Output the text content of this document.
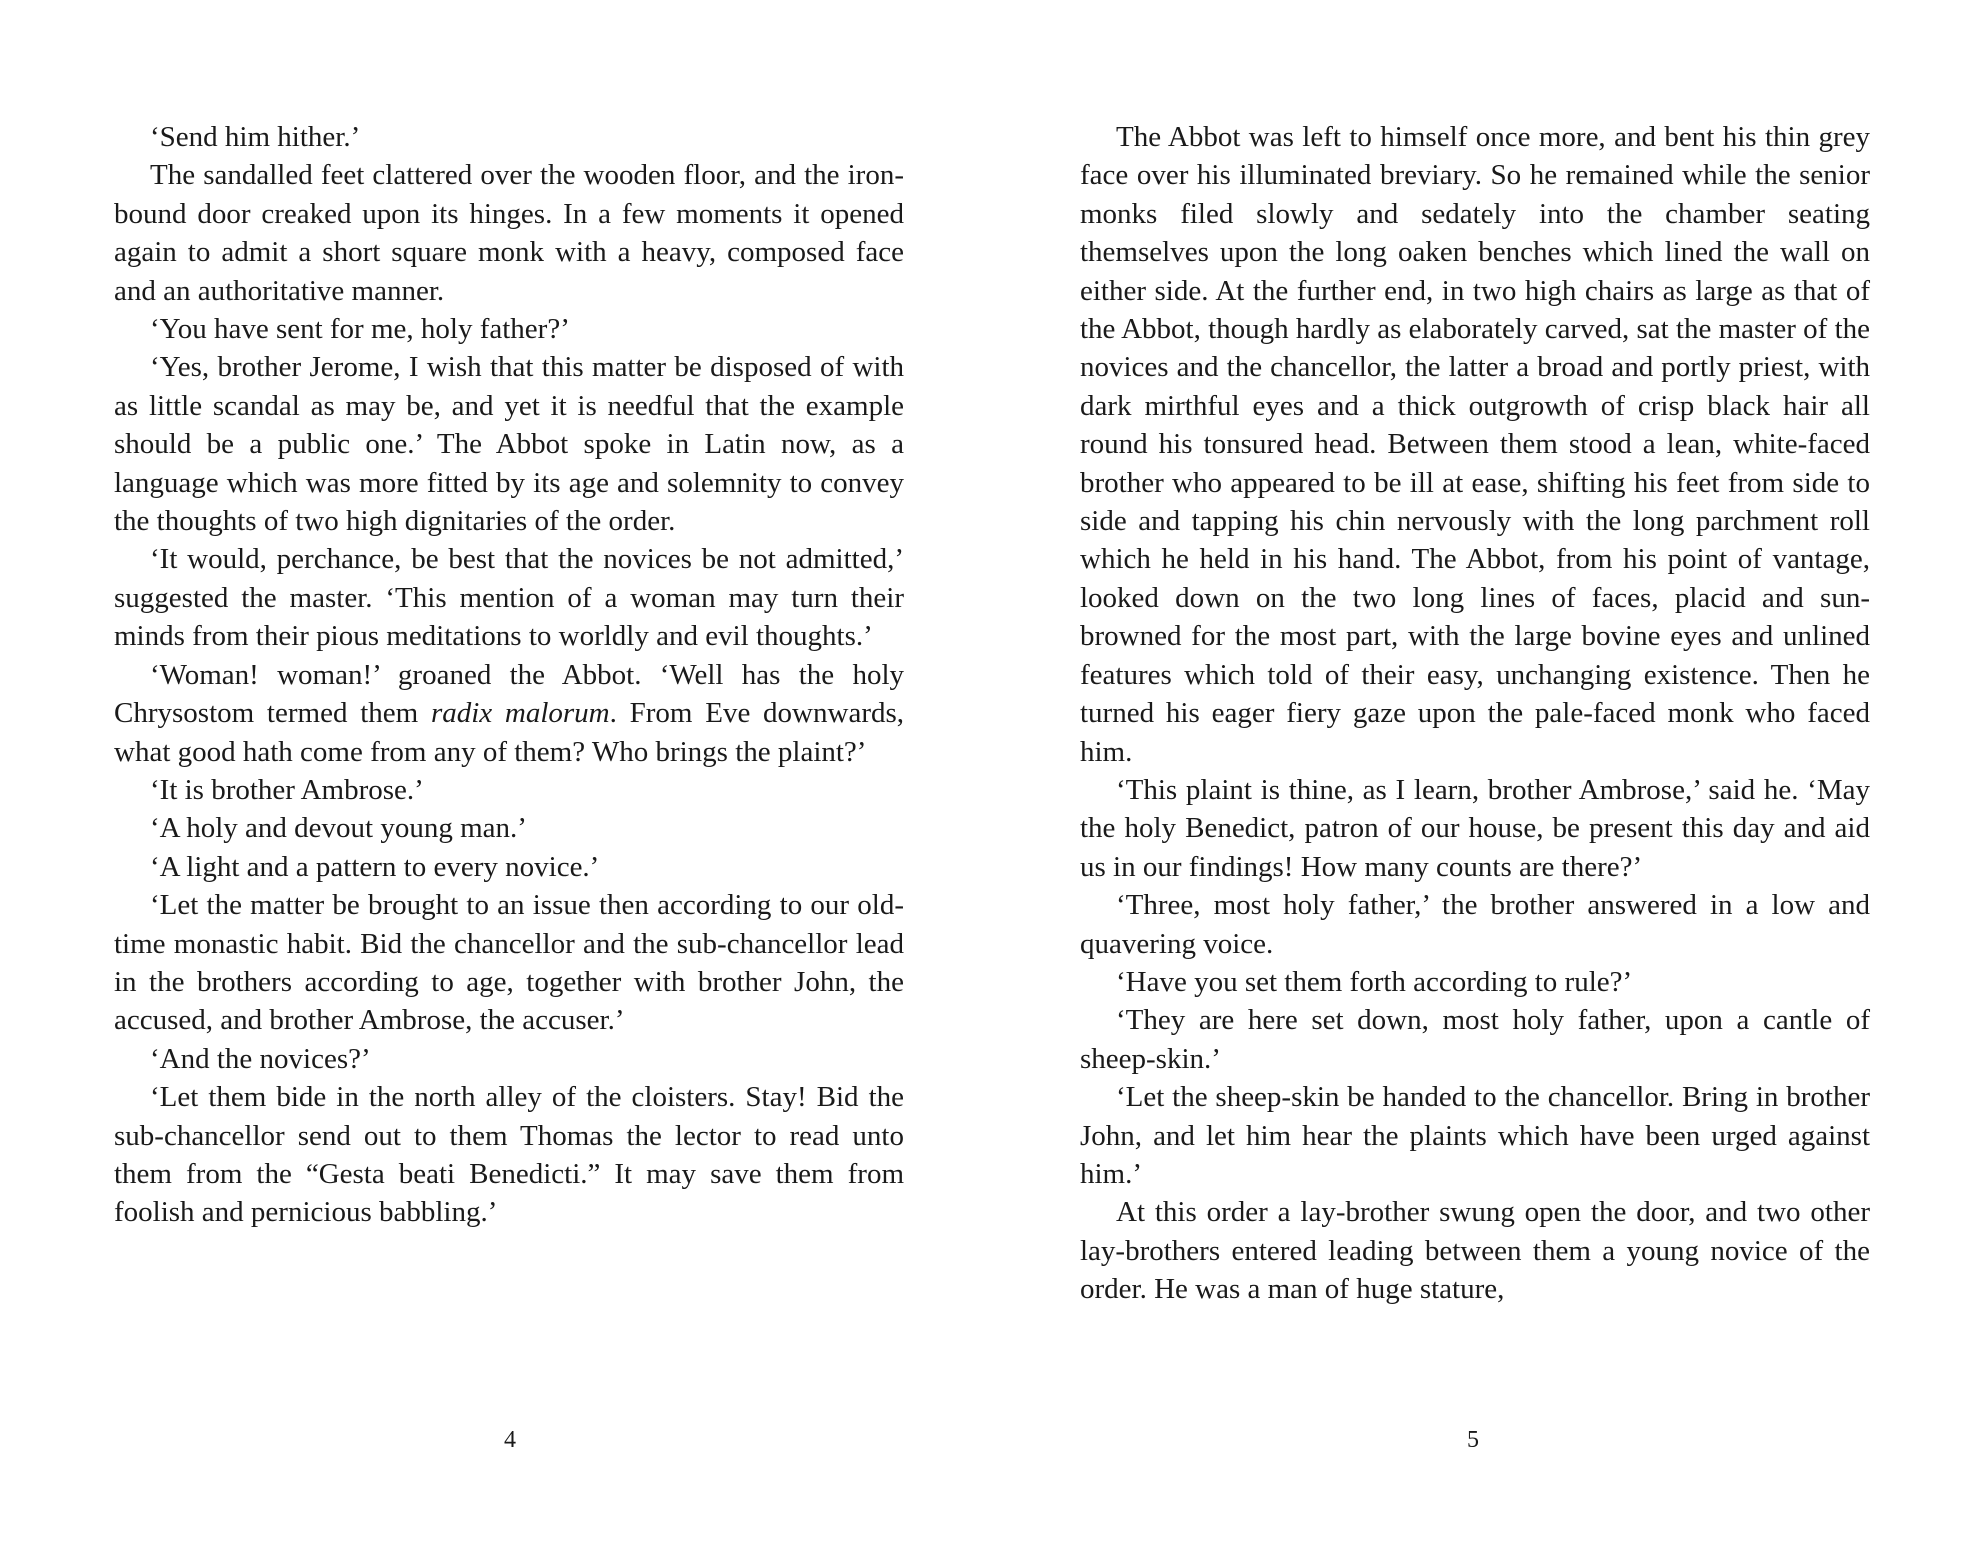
‘Send him hither.’

The sandalled feet clattered over the wooden floor, and the iron-bound door creaked upon its hinges. In a few moments it opened again to admit a short square monk with a heavy, composed face and an authoritative manner.

‘You have sent for me, holy father?’

‘Yes, brother Jerome, I wish that this matter be disposed of with as little scandal as may be, and yet it is needful that the example should be a public one.’ The Abbot spoke in Latin now, as a language which was more fitted by its age and solemnity to convey the thoughts of two high dignitaries of the order.

‘It would, perchance, be best that the novices be not admitted,’ suggested the master. ‘This mention of a woman may turn their minds from their pious meditations to worldly and evil thoughts.’

‘Woman! woman!’ groaned the Abbot. ‘Well has the holy Chrysostom termed them radix malorum. From Eve downwards, what good hath come from any of them? Who brings the plaint?’

‘It is brother Ambrose.’

‘A holy and devout young man.’

‘A light and a pattern to every novice.’

‘Let the matter be brought to an issue then according to our old-time monastic habit. Bid the chancellor and the sub-chancellor lead in the brothers according to age, together with brother John, the accused, and brother Ambrose, the accuser.’

‘And the novices?’

‘Let them bide in the north alley of the cloisters. Stay! Bid the sub-chancellor send out to them Thomas the lector to read unto them from the “Gesta beati Benedicti.” It may save them from foolish and pernicious babbling.’

4

The Abbot was left to himself once more, and bent his thin grey face over his illuminated breviary. So he remained while the senior monks filed slowly and sedately into the chamber seating themselves upon the long oaken benches which lined the wall on either side. At the further end, in two high chairs as large as that of the Abbot, though hardly as elaborately carved, sat the master of the novices and the chancellor, the latter a broad and portly priest, with dark mirthful eyes and a thick outgrowth of crisp black hair all round his tonsured head. Between them stood a lean, white-faced brother who appeared to be ill at ease, shifting his feet from side to side and tapping his chin nervously with the long parchment roll which he held in his hand. The Abbot, from his point of vantage, looked down on the two long lines of faces, placid and sun-browned for the most part, with the large bovine eyes and unlined features which told of their easy, unchanging existence. Then he turned his eager fiery gaze upon the pale-faced monk who faced him.

‘This plaint is thine, as I learn, brother Ambrose,’ said he. ‘May the holy Benedict, patron of our house, be present this day and aid us in our findings! How many counts are there?’

‘Three, most holy father,’ the brother answered in a low and quavering voice.

‘Have you set them forth according to rule?’

‘They are here set down, most holy father, upon a cantle of sheep-skin.’

‘Let the sheep-skin be handed to the chancellor. Bring in brother John, and let him hear the plaints which have been urged against him.’

At this order a lay-brother swung open the door, and two other lay-brothers entered leading between them a young novice of the order. He was a man of huge stature,

5
